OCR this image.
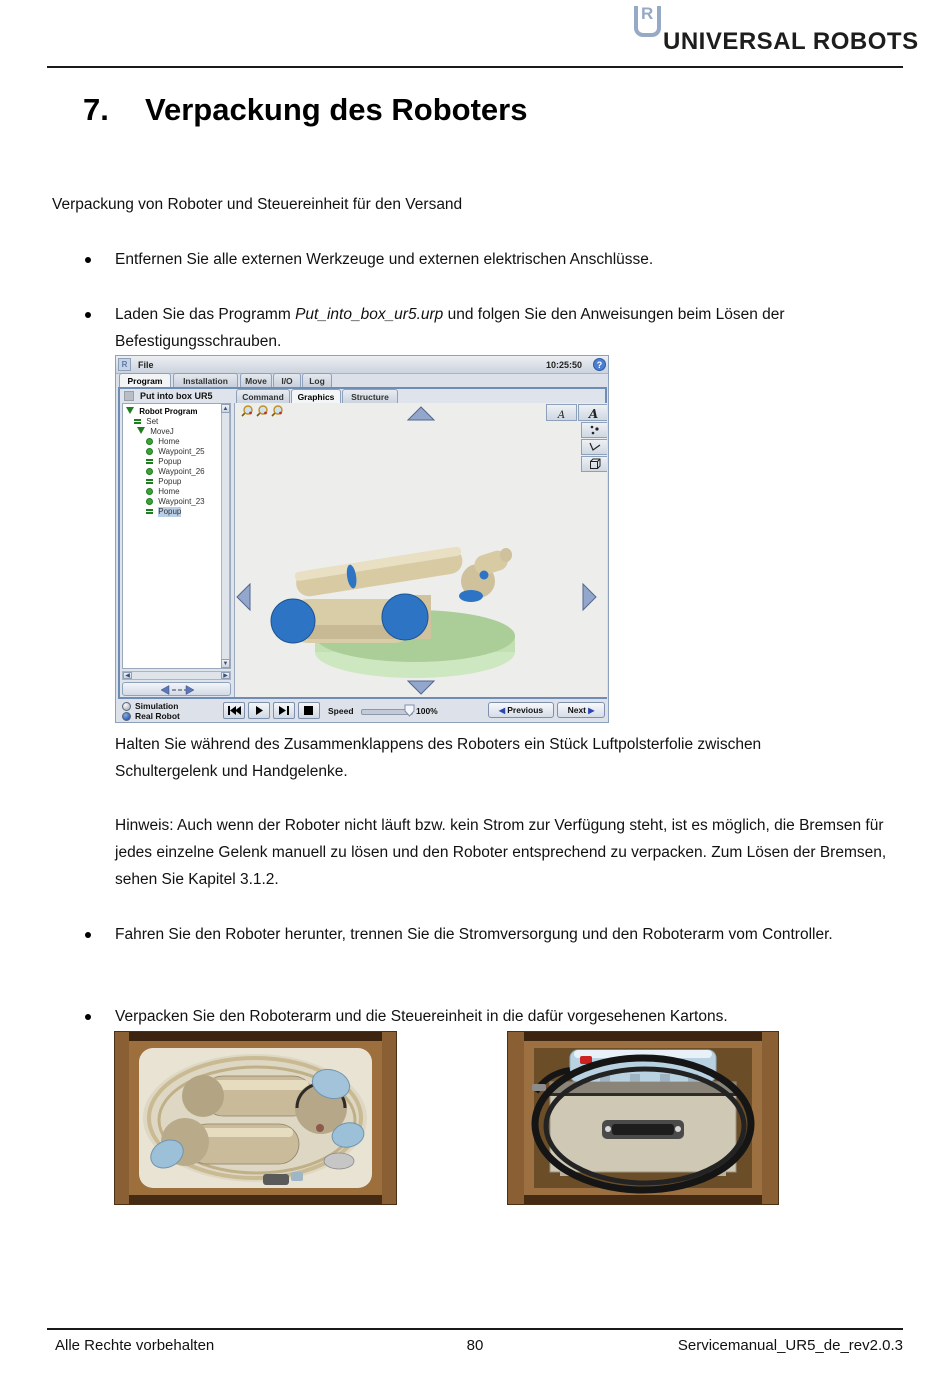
R
UNIVERSAL ROBOTS
7. Verpackung des Roboters
Verpackung von Roboter und Steuereinheit für den Versand
Entfernen Sie alle externen Werkzeuge und externen elektrischen Anschlüsse.
Laden Sie das Programm Put_into_box_ur5.urp und folgen Sie den Anweisungen beim Lösen der Befestigungsschrauben.
R	File	10:25:50	?
Program	Installation	Move	I/O	Log
Put into box UR5	Command	Graphics	Structure
Robot Program
Set
MoveJ
Home
Waypoint_25
Popup
Waypoint_26
Popup
Home
Waypoint_23
Popup
▲
▼
◀	▶
A	A
Simulation
Real Robot	Speed	100%	◀ Previous	Next ▶
Halten Sie während des Zusammenklappens des Roboters ein Stück Luftpolsterfolie zwischen Schultergelenk und Handgelenke.
Hinweis: Auch wenn der Roboter nicht läuft bzw. kein Strom zur Verfügung steht, ist es möglich, die Bremsen für jedes einzelne Gelenk manuell zu lösen und den Roboter entsprechend zu verpacken. Zum Lösen der Bremsen, sehen Sie Kapitel 3.1.2.
Fahren Sie den Roboter herunter, trennen Sie die Stromversorgung und den Roboterarm vom Controller.
Verpacken Sie den Roboterarm und die Steuereinheit in die dafür vorgesehenen Kartons.
Alle Rechte vorbehalten	80	Servicemanual_UR5_de_rev2.0.3
